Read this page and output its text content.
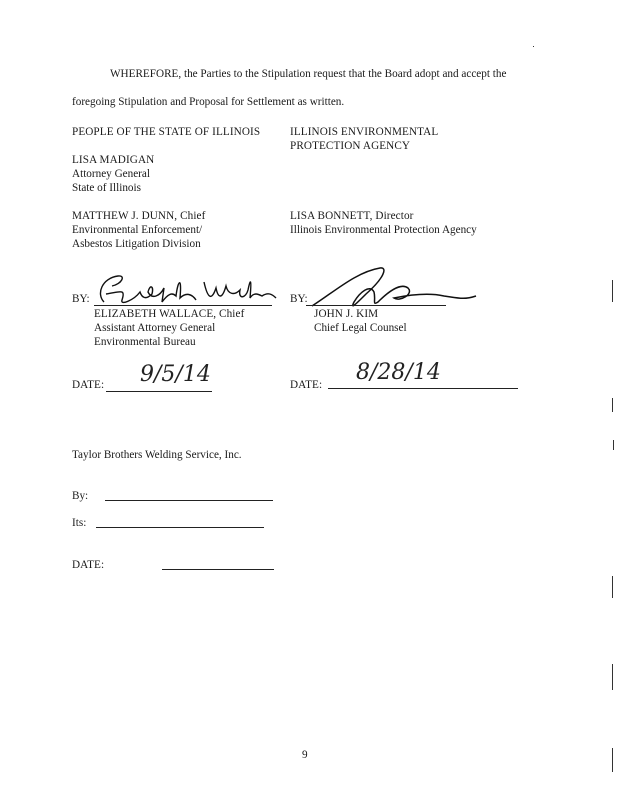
WHEREFORE, the Parties to the Stipulation request that the Board adopt and accept the
foregoing Stipulation and Proposal for Settlement as written.
PEOPLE OF THE STATE OF ILLINOIS
LISA MADIGAN
Attorney General
State of Illinois
MATTHEW J. DUNN, Chief
Environmental Enforcement/
Asbestos Litigation Division
ILLINOIS ENVIRONMENTAL
PROTECTION AGENCY
LISA BONNETT, Director
Illinois Environmental Protection Agency
BY:
ELIZABETH WALLACE, Chief
Assistant Attorney General
Environmental Bureau
BY:
JOHN J. KIM
Chief Legal Counsel
DATE: 9/5/14	DATE: 8/28/14
Taylor Brothers Welding Service, Inc.
By:
Its:
DATE:
9
